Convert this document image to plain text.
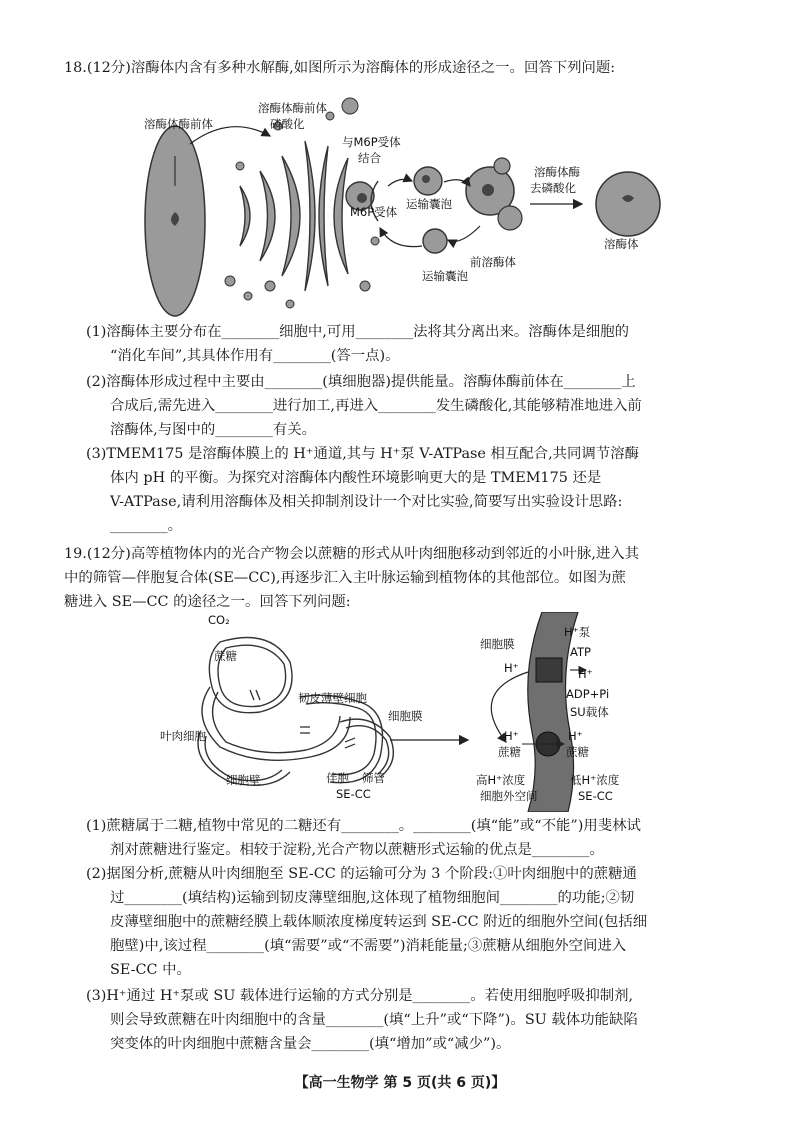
18.(12分)溶酶体内含有多种水解酶,如图所示为溶酶体的形成途径之一。回答下列问题:
溶酶体酶前体
溶酶体酶前体
磷酸化
与M6P受体
结合
M6P受体
运输囊泡
溶酶体酶
去磷酸化
前溶酶体
运输囊泡
溶酶体
(1)溶酶体主要分布在________细胞中,可用________法将其分离出来。溶酶体是细胞的
“消化车间”,其具体作用有________(答一点)。
(2)溶酶体形成过程中主要由________(填细胞器)提供能量。溶酶体酶前体在________上
合成后,需先进入________进行加工,再进入________发生磷酸化,其能够精准地进入前
溶酶体,与图中的________有关。
(3)TMEM175 是溶酶体膜上的 H⁺通道,其与 H⁺泵 V-ATPase 相互配合,共同调节溶酶
体内 pH 的平衡。为探究对溶酶体内酸性环境影响更大的是 TMEM175 还是
V-ATPase,请利用溶酶体及相关抑制剂设计一个对比实验,简要写出实验设计思路:
________。
19.(12分)高等植物体内的光合产物会以蔗糖的形式从叶肉细胞移动到邻近的小叶脉,进入其
中的筛管—伴胞复合体(SE—CC),再逐步汇入主叶脉运输到植物体的其他部位。如图为蔗
糖进入 SE—CC 的途径之一。回答下列问题:
CO₂
蔗糖
韧皮薄壁细胞
细胞膜
叶肉细胞
细胞壁	伴胞 筛管
SE-CC
细胞膜
H⁺泵
ATP
H⁺	H⁺
ADP+Pi
SU载体
H⁺
蔗糖
H⁺
蔗糖
高H⁺浓度
细胞外空间
低H⁺浓度
SE-CC
(1)蔗糖属于二糖,植物中常见的二糖还有________。________(填“能”或“不能”)用斐林试
剂对蔗糖进行鉴定。相较于淀粉,光合产物以蔗糖形式运输的优点是________。
(2)据图分析,蔗糖从叶肉细胞至 SE-CC 的运输可分为 3 个阶段:①叶肉细胞中的蔗糖通
过________(填结构)运输到韧皮薄壁细胞,这体现了植物细胞间________的功能;②韧
皮薄壁细胞中的蔗糖经膜上载体顺浓度梯度转运到 SE-CC 附近的细胞外空间(包括细
胞壁)中,该过程________(填“需要”或“不需要”)消耗能量;③蔗糖从细胞外空间进入
SE-CC 中。
(3)H⁺通过 H⁺泵或 SU 载体进行运输的方式分别是________。若使用细胞呼吸抑制剂,
则会导致蔗糖在叶肉细胞中的含量________(填“上升”或“下降”)。SU 载体功能缺陷
突变体的叶肉细胞中蔗糖含量会________(填“增加”或“减少”)。
【高一生物学 第 5 页(共 6 页)】
